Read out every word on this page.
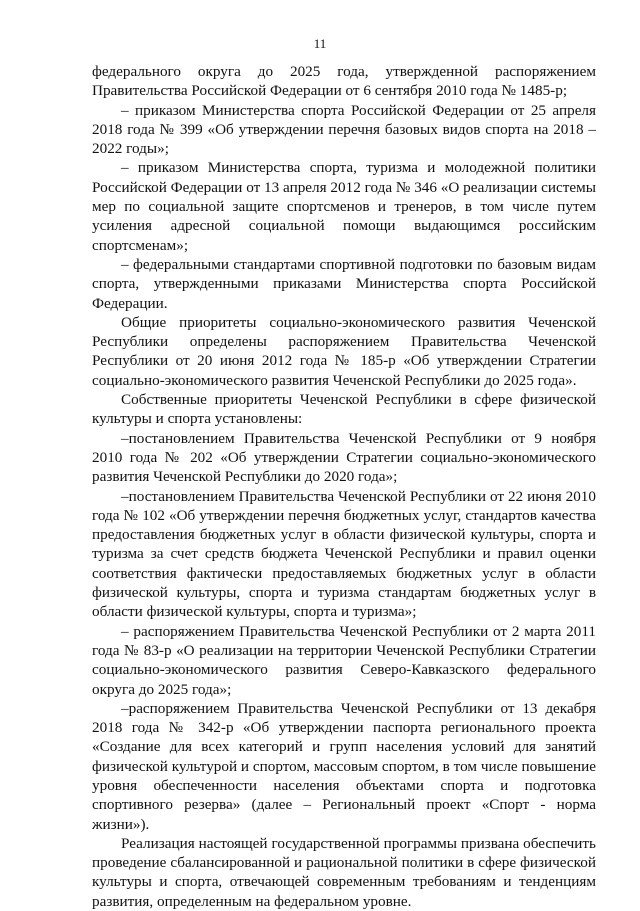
11

федерального округа до 2025 года, утвержденной распоряжением Правительства Российской Федерации от 6 сентября 2010 года № 1485-р;

– приказом Министерства спорта Российской Федерации от 25 апреля 2018 года № 399 «Об утверждении перечня базовых видов спорта на 2018 – 2022 годы»;

– приказом Министерства спорта, туризма и молодежной политики Российской Федерации от 13 апреля 2012 года № 346 «О реализации системы мер по социальной защите спортсменов и тренеров, в том числе путем усиления адресной социальной помощи выдающимся российским спортсменам»;

– федеральными стандартами спортивной подготовки по базовым видам спорта, утвержденными приказами Министерства спорта Российской Федерации.

Общие приоритеты социально-экономического развития Чеченской Республики определены распоряжением Правительства Чеченской Республики от 20 июня 2012 года № 185-р «Об утверждении Стратегии социально-экономического развития Чеченской Республики до 2025 года».

Собственные приоритеты Чеченской Республики в сфере физической культуры и спорта установлены:

–постановлением Правительства Чеченской Республики от 9 ноября 2010 года № 202 «Об утверждении Стратегии социально-экономического развития Чеченской Республики до 2020 года»;

–постановлением Правительства Чеченской Республики от 22 июня 2010 года № 102 «Об утверждении перечня бюджетных услуг, стандартов качества предоставления бюджетных услуг в области физической культуры, спорта и туризма за счет средств бюджета Чеченской Республики и правил оценки соответствия фактически предоставляемых бюджетных услуг в области физической культуры, спорта и туризма стандартам бюджетных услуг в области физической культуры, спорта и туризма»;

– распоряжением Правительства Чеченской Республики от 2 марта 2011 года № 83-р «О реализации на территории Чеченской Республики Стратегии социально-экономического развития Северо-Кавказского федерального округа до 2025 года»;

–распоряжением Правительства Чеченской Республики от 13 декабря 2018 года № 342-р «Об утверждении паспорта регионального проекта «Создание для всех категорий и групп населения условий для занятий физической культурой и спортом, массовым спортом, в том числе повышение уровня обеспеченности населения объектами спорта и подготовка спортивного резерва» (далее – Региональный проект «Спорт - норма жизни»).

Реализация настоящей государственной программы призвана обеспечить проведение сбалансированной и рациональной политики в сфере физической культуры и спорта, отвечающей современным требованиям и тенденциям развития, определенным на федеральном уровне.
